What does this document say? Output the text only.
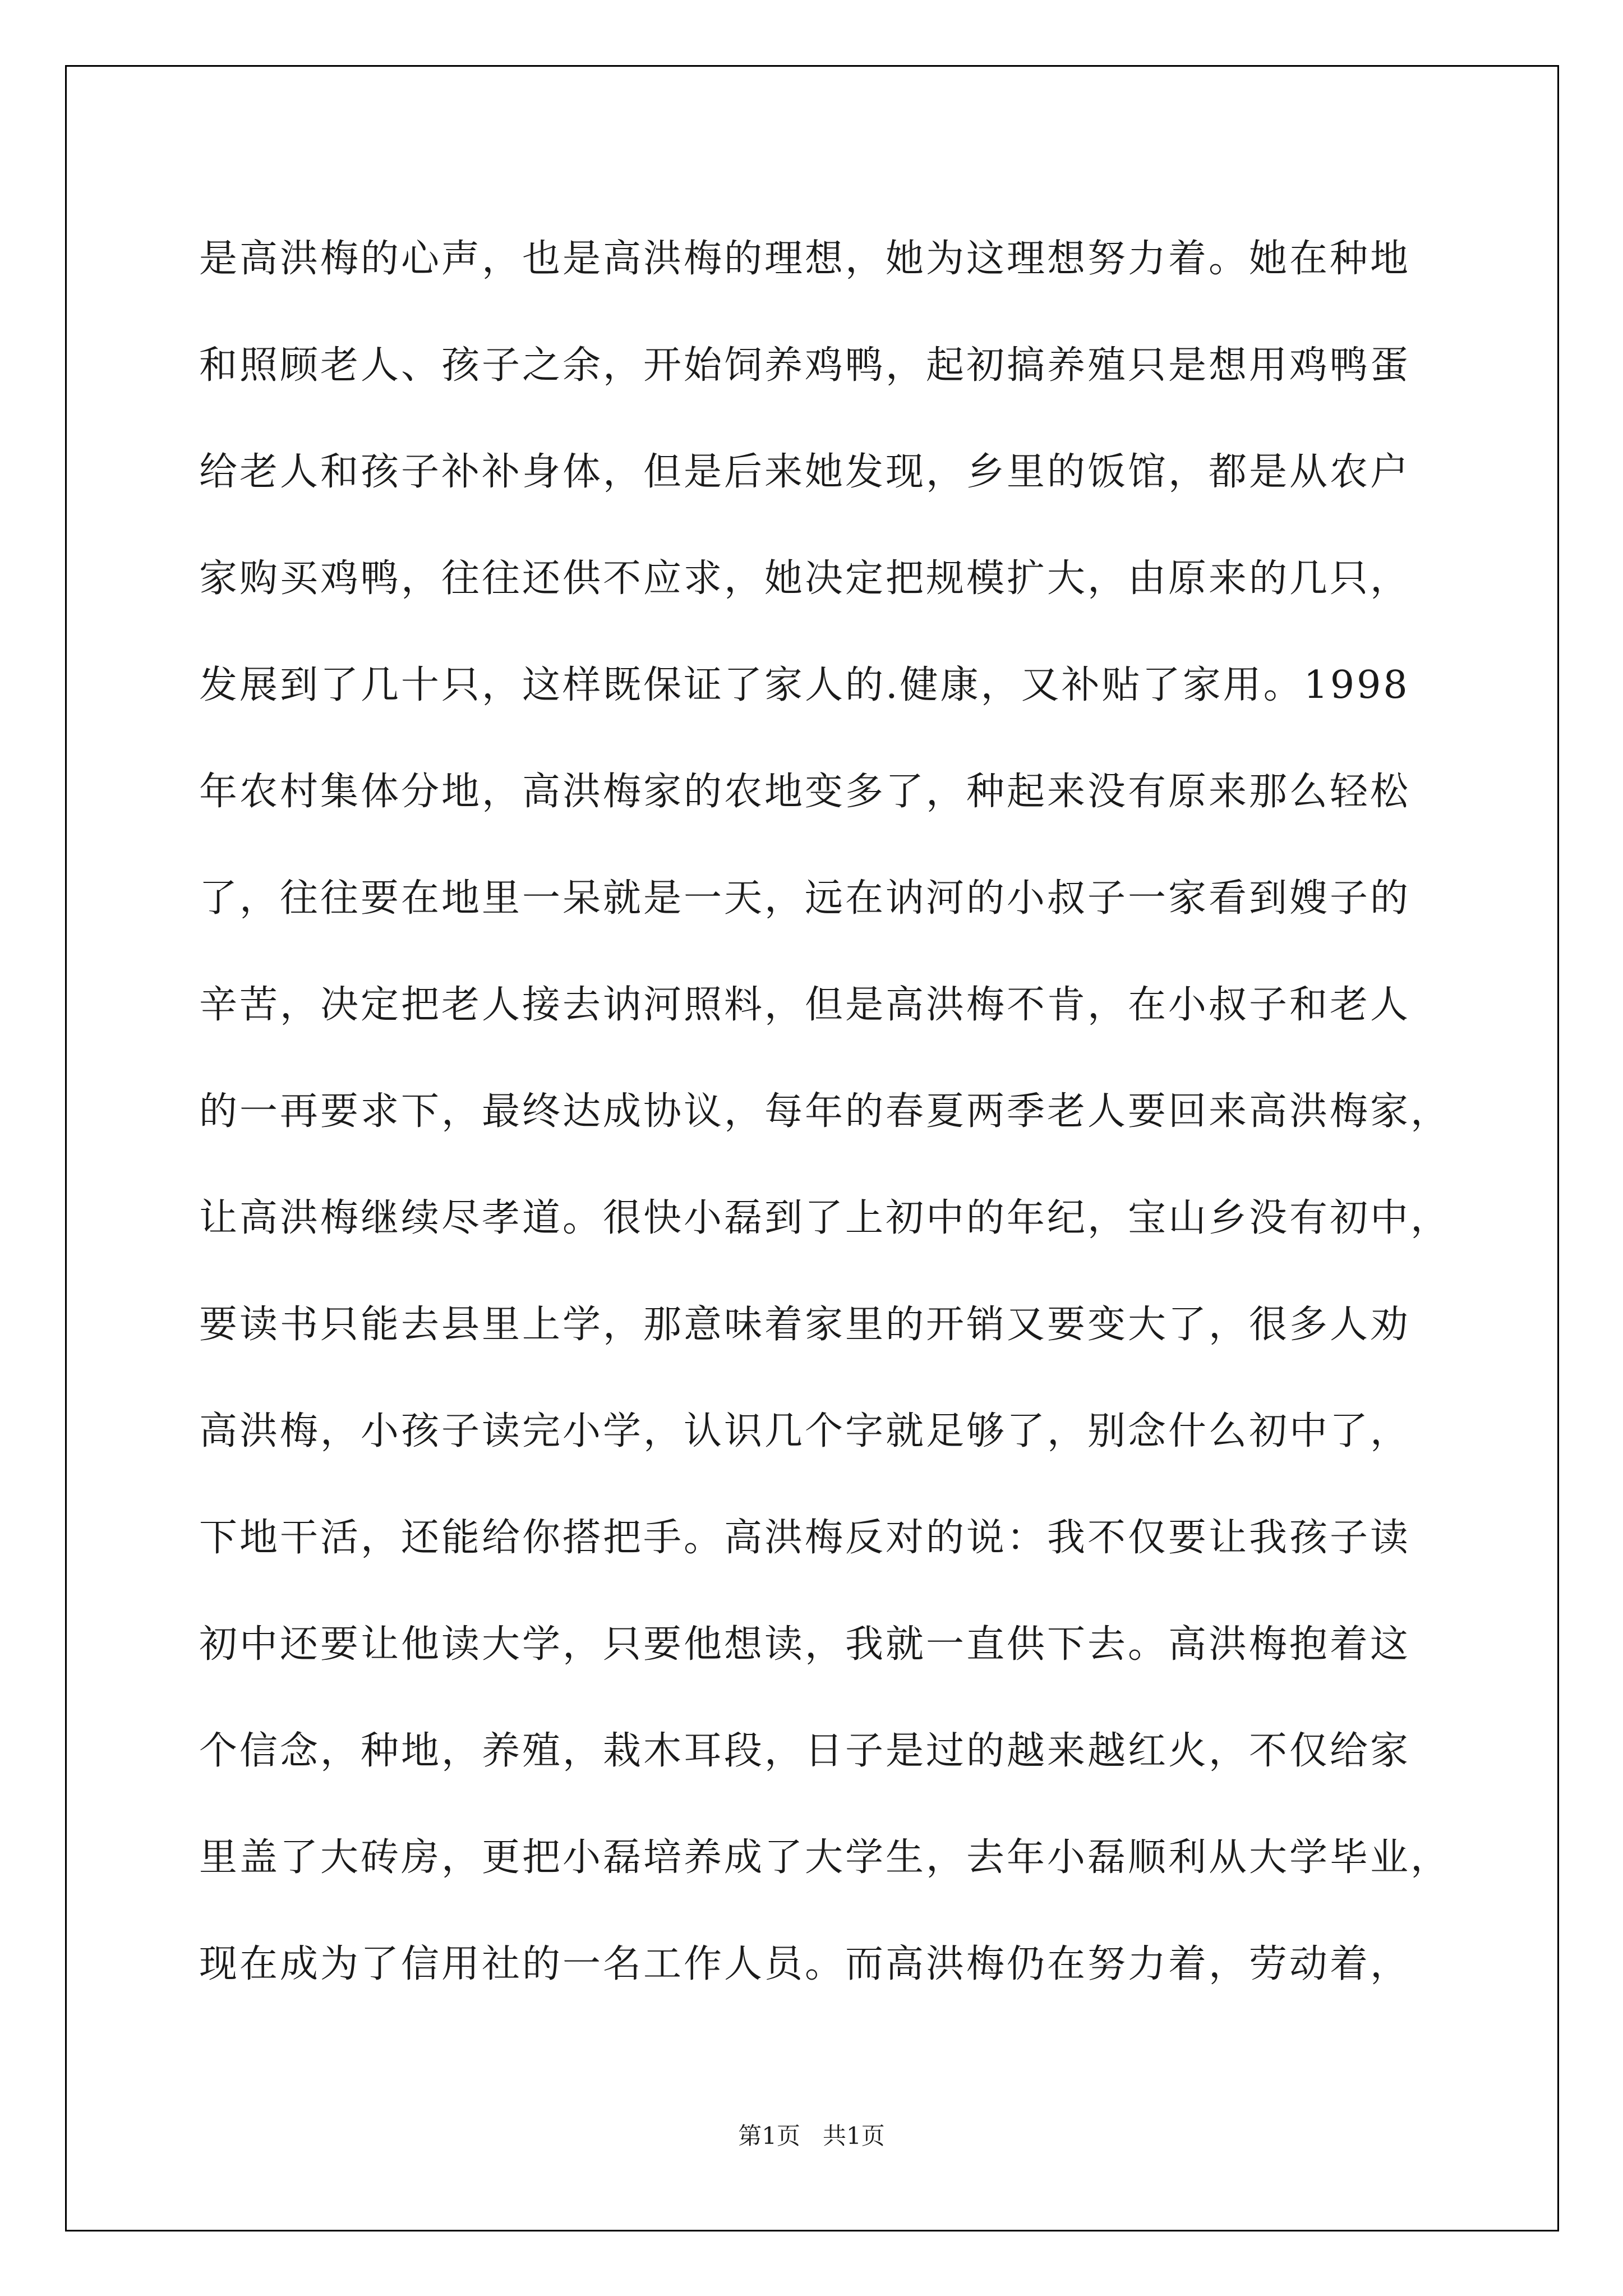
是高洪梅的心声，也是高洪梅的理想，她为这理想努力着。她在种地
和照顾老人、孩子之余，开始饲养鸡鸭，起初搞养殖只是想用鸡鸭蛋
给老人和孩子补补身体，但是后来她发现，乡里的饭馆，都是从农户
家购买鸡鸭，往往还供不应求，她决定把规模扩大，由原来的几只，
发展到了几十只，这样既保证了家人的.健康，又补贴了家用。1998
年农村集体分地，高洪梅家的农地变多了，种起来没有原来那么轻松
了，往往要在地里一呆就是一天，远在讷河的小叔子一家看到嫂子的
辛苦，决定把老人接去讷河照料，但是高洪梅不肯，在小叔子和老人
的一再要求下，最终达成协议，每年的春夏两季老人要回来高洪梅家，
让高洪梅继续尽孝道。很快小磊到了上初中的年纪，宝山乡没有初中，
要读书只能去县里上学，那意味着家里的开销又要变大了，很多人劝
高洪梅，小孩子读完小学，认识几个字就足够了，别念什么初中了，
下地干活，还能给你搭把手。高洪梅反对的说：我不仅要让我孩子读
初中还要让他读大学，只要他想读，我就一直供下去。高洪梅抱着这
个信念，种地，养殖，栽木耳段，日子是过的越来越红火，不仅给家
里盖了大砖房，更把小磊培养成了大学生，去年小磊顺利从大学毕业，
现在成为了信用社的一名工作人员。而高洪梅仍在努力着，劳动着，
第1页 共1页
